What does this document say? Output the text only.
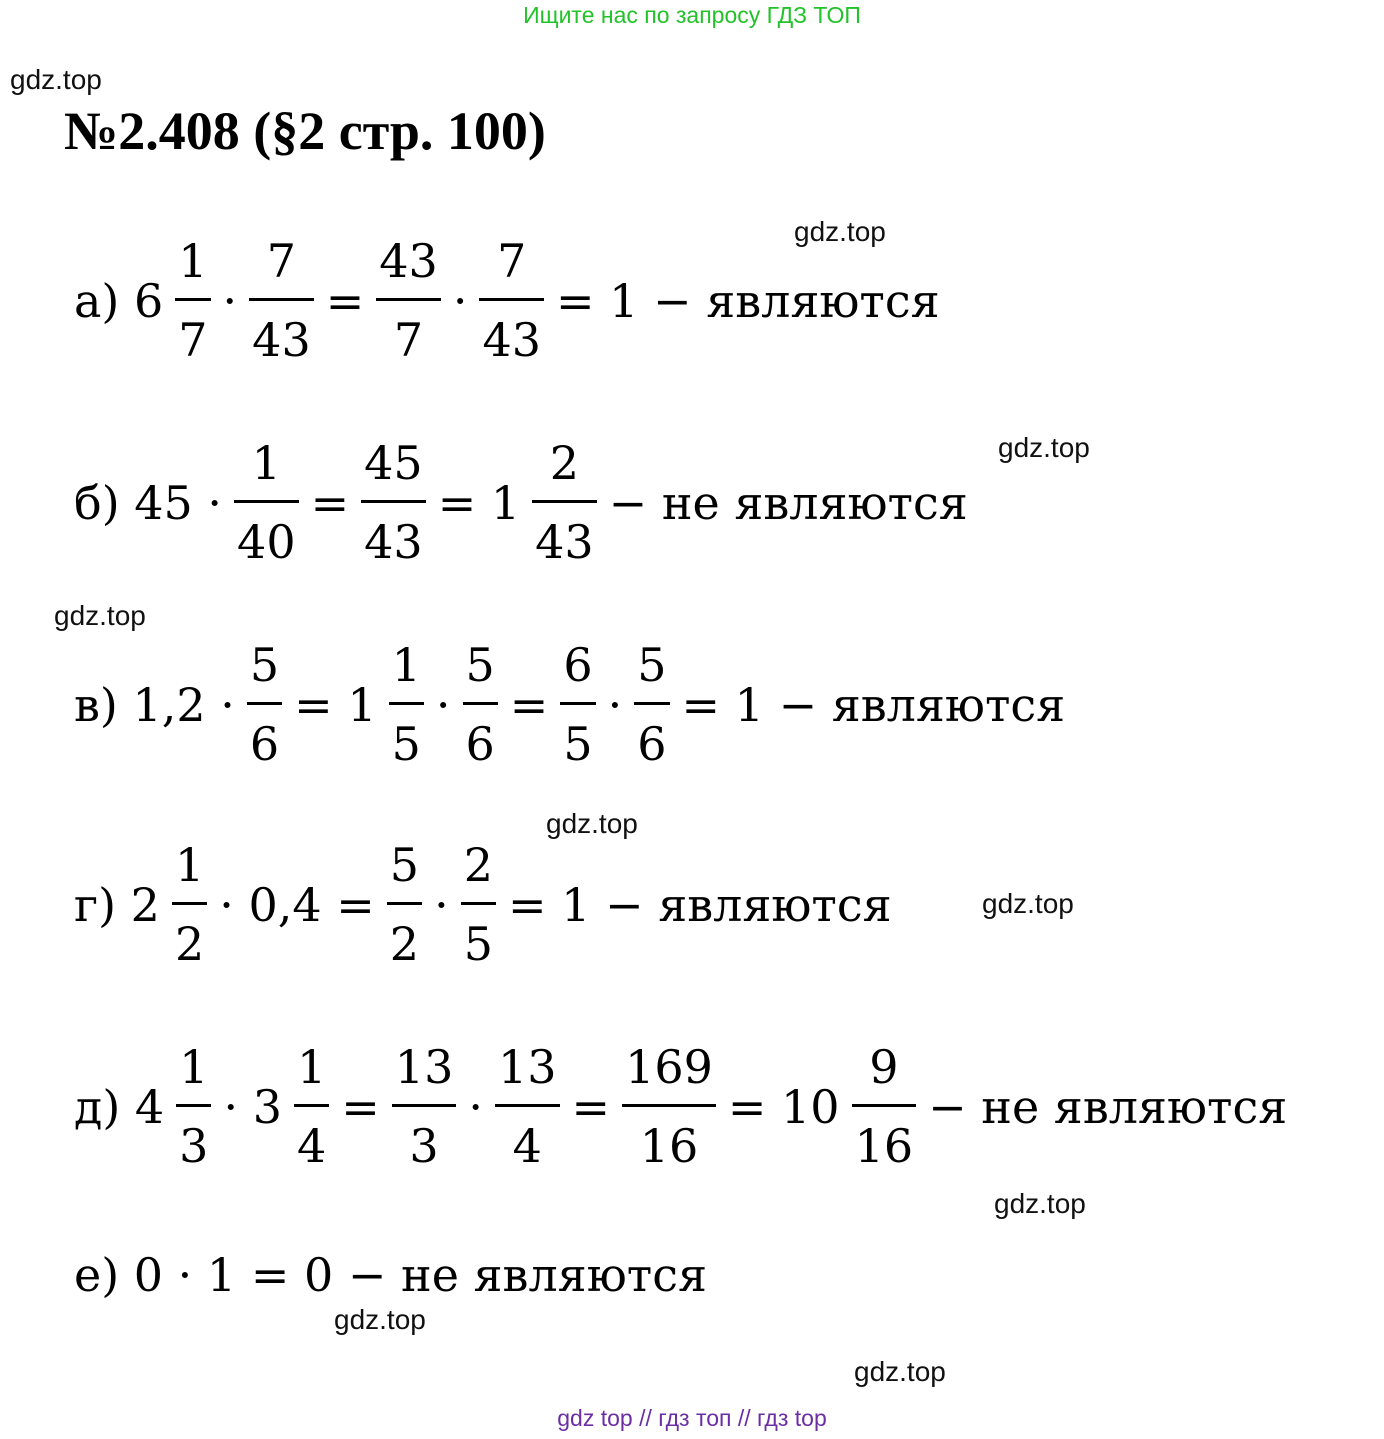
Ищите нас по запросу ГДЗ ТОП
gdz.top
gdz.top
gdz.top
gdz.top
gdz.top
gdz.top
gdz.top
gdz.top
gdz.top
№2.408 (§2 стр. 100)
а) 6
1
7
·
7
43
=
43
7
·
7
43
= 1 − являются
б) 45 ·
1
40
=
45
43
= 1
2
43
− не являются
в) 1,2 ·
5
6
= 1
1
5
·
5
6
=
6
5
·
5
6
= 1 − являются
г) 2
1
2
· 0,4 =
5
2
·
2
5
= 1 − являются
д) 4
1
3
· 3
1
4
=
13
3
·
13
4
=
169
16
= 10
9
16
− не являются
е) 0 · 1 = 0 − не являются
gdz top // гдз топ // гдз top
